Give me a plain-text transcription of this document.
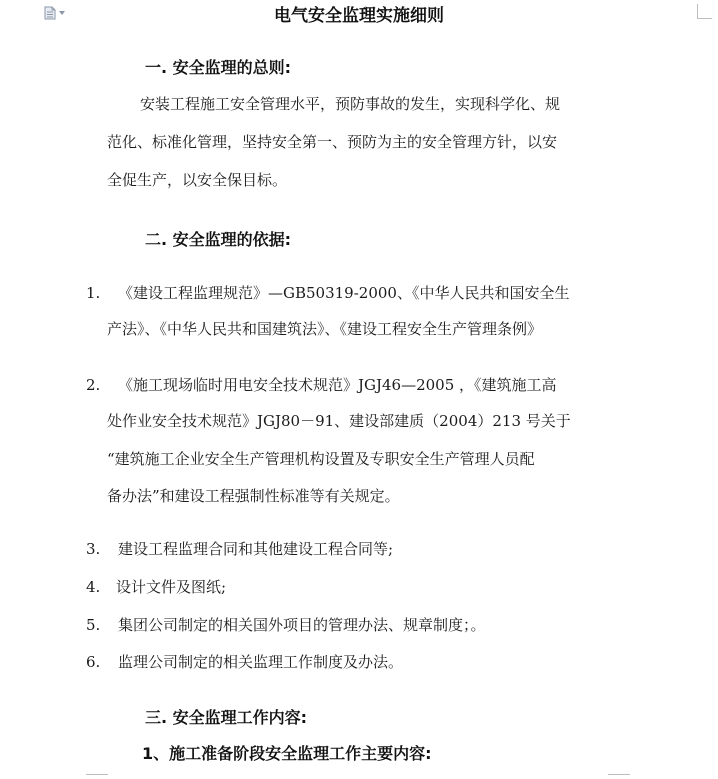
电气安全监理实施细则
一. 安全监理的总则:
安装工程施工安全管理水平，预防事故的发生，实现科学化、规
范化、标准化管理，坚持安全第一、预防为主的安全管理方针，以安
全促生产，以安全保目标。
二. 安全监理的依据:
1. 《建设工程监理规范》—GB50319-2000、《中华人民共和国安全生
产法》、《中华人民共和国建筑法》、《建设工程安全生产管理条例》
2. 《施工现场临时用电安全技术规范》JGJ46—2005 ，《建筑施工高
处作业安全技术规范》JGJ80－91、建设部建质（2004）213 号关于
“建筑施工企业安全生产管理机构设置及专职安全生产管理人员配
备办法”和建设工程强制性标准等有关规定。
3. 建设工程监理合同和其他建设工程合同等;
4. 设计文件及图纸;
5. 集团公司制定的相关国外项目的管理办法、规章制度；。
6. 监理公司制定的相关监理工作制度及办法。
三. 安全监理工作内容:
1、施工准备阶段安全监理工作主要内容:
